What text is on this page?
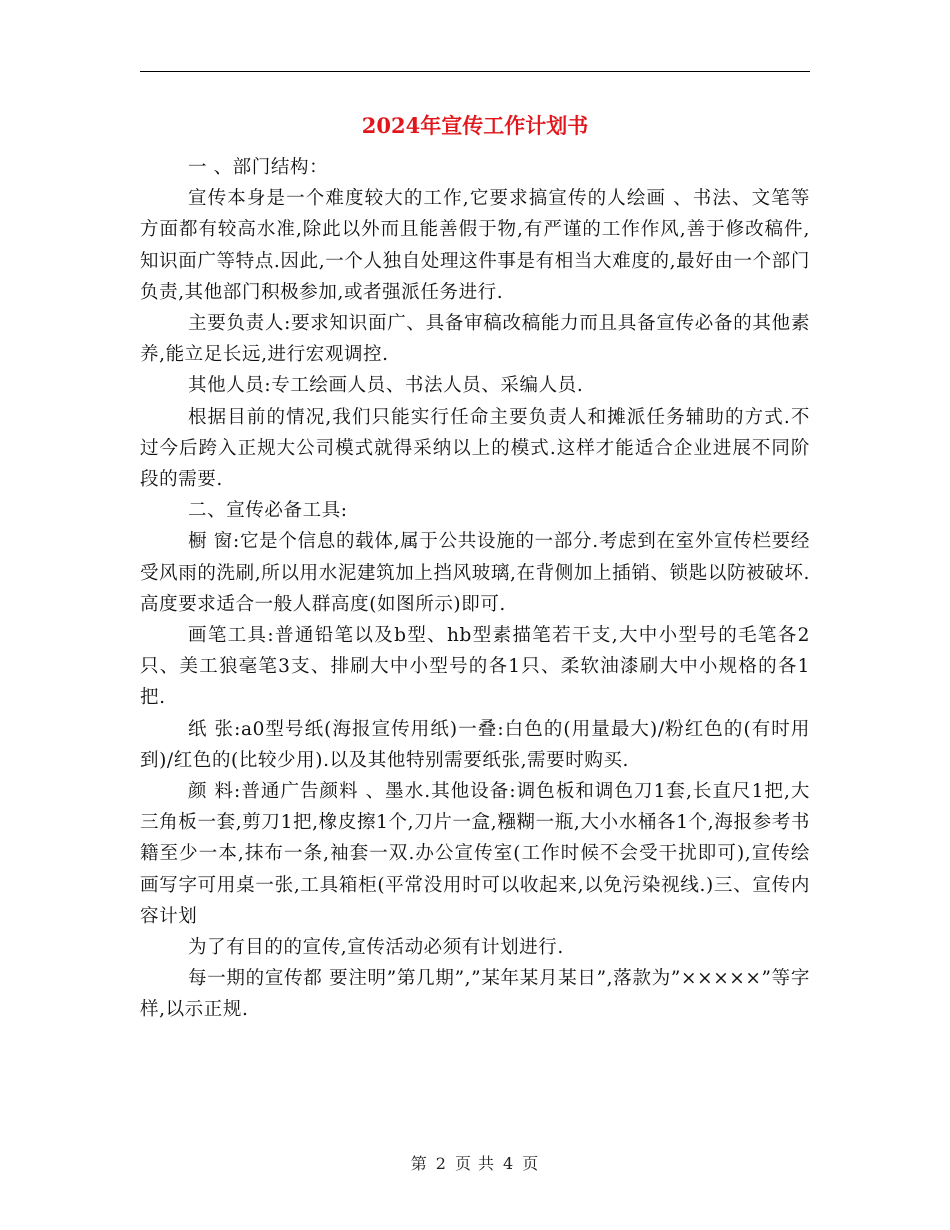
2024年宣传工作计划书

一 、部门结构：

宣传本身是一个难度较大的工作,它要求搞宣传的人绘画 、书法、文笔等方面都有较高水准,除此以外而且能善假于物,有严谨的工作作风,善于修改稿件,知识面广等特点.因此,一个人独自处理这件事是有相当大难度的,最好由一个部门负责,其他部门积极参加,或者强派任务进行.

主要负责人:要求知识面广、具备审稿改稿能力而且具备宣传必备的其他素养,能立足长远,进行宏观调控.

其他人员:专工绘画人员、书法人员、采编人员.

根据目前的情况,我们只能实行任命主要负责人和摊派任务辅助的方式.不过今后跨入正规大公司模式就得采纳以上的模式.这样才能适合企业进展不同阶段的需要.

二、宣传必备工具:

橱 窗:它是个信息的载体,属于公共设施的一部分.考虑到在室外宣传栏要经受风雨的洗刷,所以用水泥建筑加上挡风玻璃,在背侧加上插销、锁匙以防被破坏.高度要求适合一般人群高度(如图所示)即可.

画笔工具:普通铅笔以及b型、hb型素描笔若干支,大中小型号的毛笔各2只、美工狼毫笔3支、排刷大中小型号的各1只、柔软油漆刷大中小规格的各1把.

纸 张:a0型号纸(海报宣传用纸)一叠:白色的(用量最大)/粉红色的(有时用到)/红色的(比较少用).以及其他特别需要纸张,需要时购买.

颜 料:普通广告颜料 、墨水.其他设备:调色板和调色刀1套,长直尺1把,大三角板一套,剪刀1把,橡皮擦1个,刀片一盒,糨糊一瓶,大小水桶各1个,海报参考书籍至少一本,抹布一条,袖套一双.办公宣传室(工作时候不会受干扰即可),宣传绘画写字可用桌一张,工具箱柜(平常没用时可以收起来,以免污染视线.)三、宣传内容计划

为了有目的的宣传,宣传活动必须有计划进行.

每一期的宣传都 要注明”第几期”,”某年某月某日”,落款为”×××××”等字样,以示正规.

第 2 页 共 4 页
